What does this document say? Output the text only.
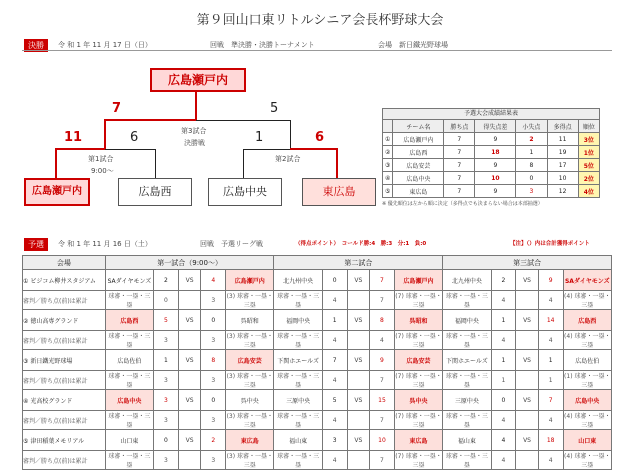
第９回山口東リトルシニア会長杯野球大会
決勝	令 和 1 年 11 月 17 日（日）	回戦　準決勝・決勝トーナメント	会場　新日鐵光野球場
広島瀬戸内
7	5
第3試合
決勝戦
11	6
第1試合
9:00～
1	6
第2試合
広島瀬戸内	広島西	広島中央	東広島
予選大会成績結果表
	チーム名	勝ち点	得失点差	小失点	多得点	順位
①	広島瀬戸内	7	9	2	11	3位
②	広島西	7	18	1	19	1位
③	広島安芸	7	9	8	17	5位
④	広島中央	7	10	0	10	2位
⑤	東広島	7	9	3	12	4位
※ 優先順位は左から順に決定（多得点でも決まらない場合は本部抽選）
予選	令 和 1 年 11 月 16 日（土）	回戦　予選リーグ戦	（得点ポイント）　コールド勝:4　勝:3　分:1　負:0	【注】（）内は合計獲得ポイント
会場	第一試合（9:00～）					第二試合					第三試合				
① ビジコム柳井スタジアム	SAダイヤモンズ	2	VS	4	広島瀬戸内	北九州中央	0	VS	7	広島瀬戸内	北九州中央	2	VS	9	SAダイヤモンズ
審判／勝ち点(前)は累計	球審・一塁・三塁	0		3	(3) 球審・一塁・三塁	球審・一塁・三塁	4		7	(7) 球審・一塁・三塁	球審・一塁・三塁	4		4	(4) 球審・一塁・三塁
② 徳山高専グランド	広島西	5	VS	0	呉昭和	福岡中央	1	VS	8	呉昭和	福岡中央	1	VS	14	広島西
審判／勝ち点(前)は累計	球審・一塁・三塁	3		3	(3) 球審・一塁・三塁	球審・一塁・三塁	4		4	(7) 球審・一塁・三塁	球審・一塁・三塁	4		4	(4) 球審・一塁・三塁
③ 新日鐵光野球場	広島佐伯	1	VS	8	広島安芸	下関ホエールズ	7	VS	9	広島安芸	下関ホエールズ	1	VS	1	広島佐伯
審判／勝ち点(前)は累計	球審・一塁・三塁	3		3	(3) 球審・一塁・三塁	球審・一塁・三塁	4		7	(7) 球審・一塁・三塁	球審・一塁・三塁	1		1	(1) 球審・一塁・三塁
④ 光高校グランド	広島中央	3	VS	0	呉中央	三原中央	5	VS	15	呉中央	三原中央	0	VS	7	広島中央
審判／勝ち点(前)は累計	球審・一塁・三塁	3		3	(3) 球審・一塁・三塁	球審・一塁・三塁	4		7	(7) 球審・一塁・三塁	球審・一塁・三塁	4		4	(4) 球審・一塁・三塁
⑤ 津田稲葉メモリアル	山口東	0	VS	2	東広島	福山東	3	VS	10	東広島	福山東	4	VS	18	山口東
審判／勝ち点(前)は累計	球審・一塁・三塁	3		3	(3) 球審・一塁・三塁	球審・一塁・三塁	4		7	(7) 球審・一塁・三塁	球審・一塁・三塁	4		4	(4) 球審・一塁・三塁
